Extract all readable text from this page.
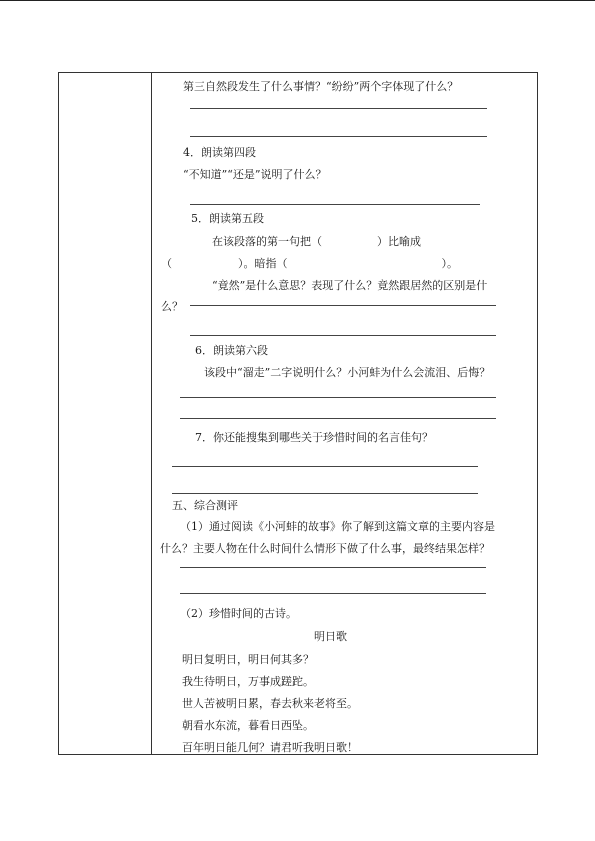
第三自然段发生了什么事情？“纷纷”两个字体现了什么？
4．朗读第四段
“不知道”“还是”说明了什么？
5．朗读第五段
在该段落的第一句把（　　　　　）比喻成
（　　　　　　）。暗指（　　　　　　　　　　　　　　）。
“竟然”是什么意思？表现了什么？竟然跟居然的区别是什
么？
6．朗读第六段
该段中“溜走”二字说明什么？小河蚌为什么会流泪、后悔？
7．你还能搜集到哪些关于珍惜时间的名言佳句？
五、综合测评
（1）通过阅读《小河蚌的故事》你了解到这篇文章的主要内容是
什么？主要人物在什么时间什么情形下做了什么事，最终结果怎样？
（2）珍惜时间的古诗。
明日歌
明日复明日，明日何其多？
我生待明日，万事成蹉跎。
世人苦被明日累，春去秋来老将至。
朝看水东流，暮看日西坠。
百年明日能几何？请君听我明日歌！
